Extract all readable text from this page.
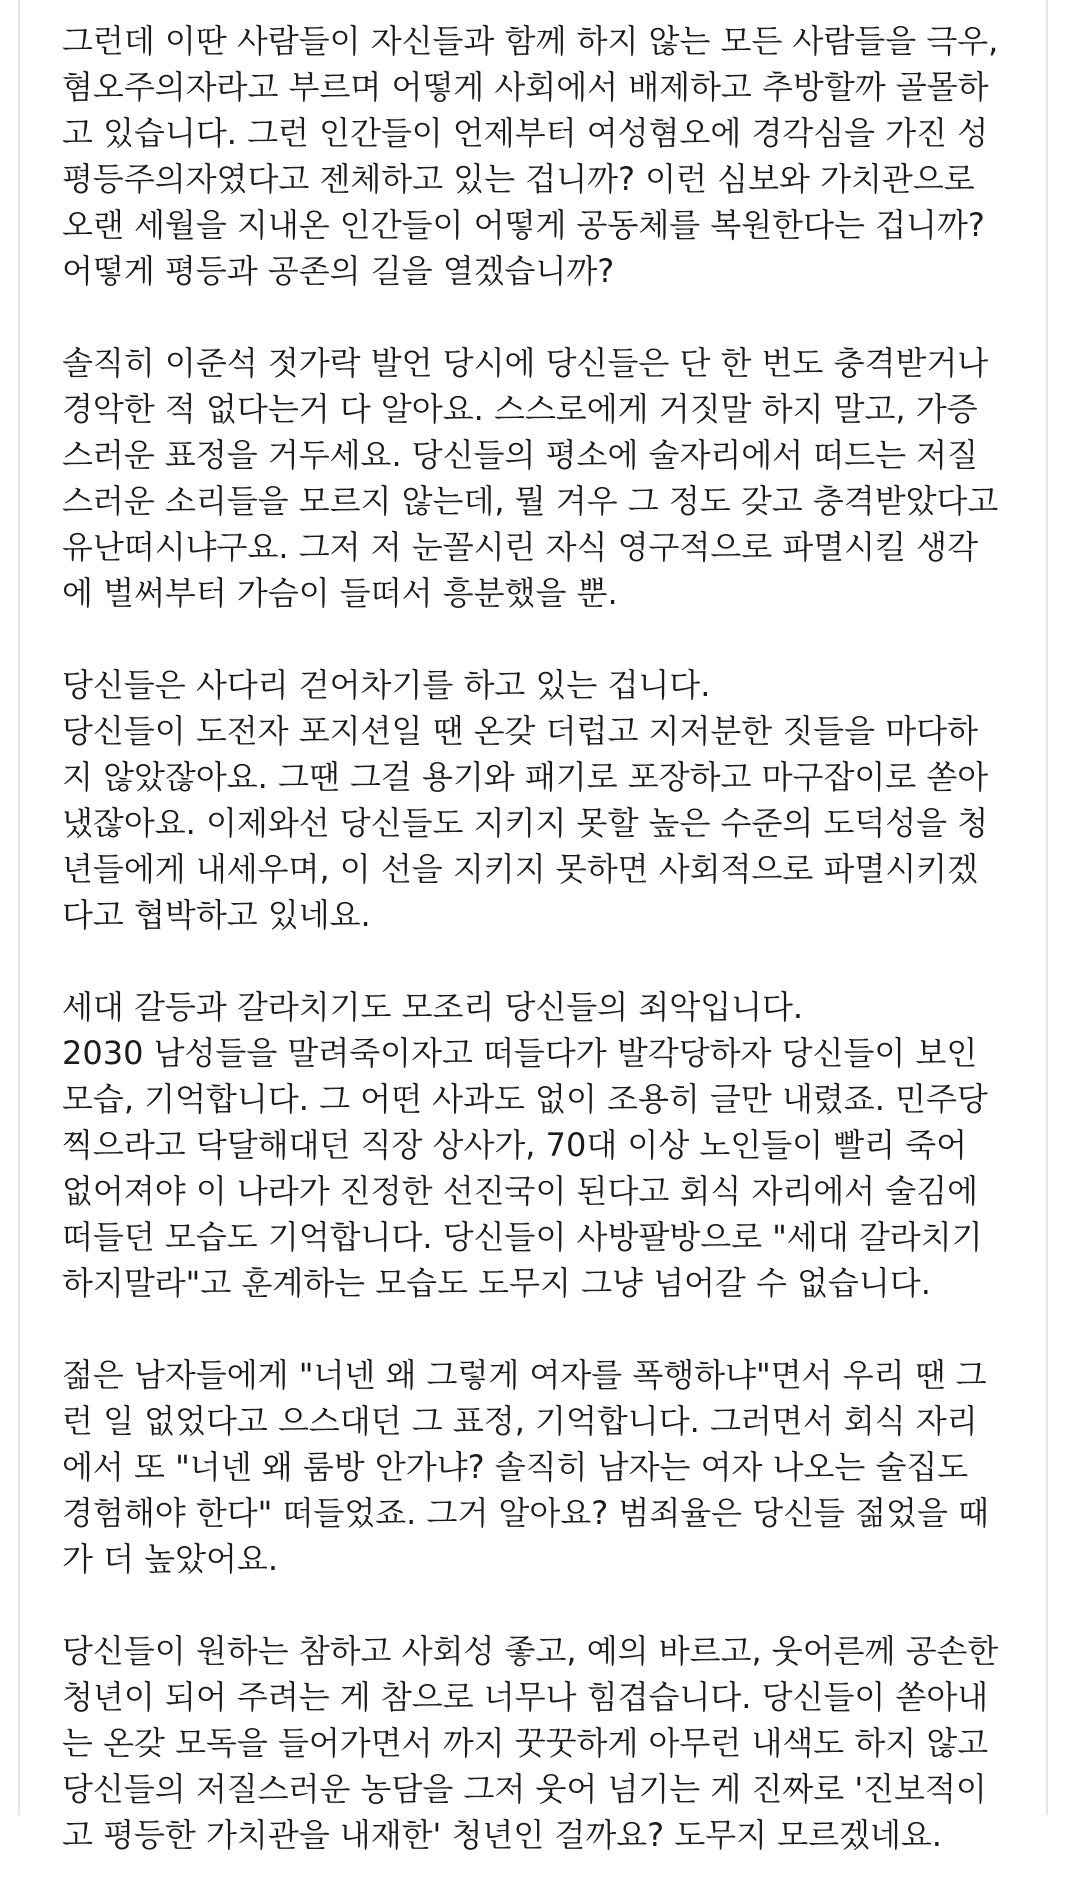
그런데 이딴 사람들이 자신들과 함께 하지 않는 모든 사람들을 극우,
혐오주의자라고 부르며 어떻게 사회에서 배제하고 추방할까 골몰하
고 있습니다. 그런 인간들이 언제부터 여성혐오에 경각심을 가진 성
평등주의자였다고 젠체하고 있는 겁니까? 이런 심보와 가치관으로
오랜 세월을 지내온 인간들이 어떻게 공동체를 복원한다는 겁니까?
어떻게 평등과 공존의 길을 열겠습니까?
솔직히 이준석 젓가락 발언 당시에 당신들은 단 한 번도 충격받거나
경악한 적 없다는거 다 알아요. 스스로에게 거짓말 하지 말고, 가증
스러운 표정을 거두세요. 당신들의 평소에 술자리에서 떠드는 저질
스러운 소리들을 모르지 않는데, 뭘 겨우 그 정도 갖고 충격받았다고
유난떠시냐구요. 그저 저 눈꼴시린 자식 영구적으로 파멸시킬 생각
에 벌써부터 가슴이 들떠서 흥분했을 뿐.
당신들은 사다리 걷어차기를 하고 있는 겁니다.
당신들이 도전자 포지션일 땐 온갖 더럽고 지저분한 짓들을 마다하
지 않았잖아요. 그땐 그걸 용기와 패기로 포장하고 마구잡이로 쏟아
냈잖아요. 이제와선 당신들도 지키지 못할 높은 수준의 도덕성을 청
년들에게 내세우며, 이 선을 지키지 못하면 사회적으로 파멸시키겠
다고 협박하고 있네요.
세대 갈등과 갈라치기도 모조리 당신들의 죄악입니다.
2030 남성들을 말려죽이자고 떠들다가 발각당하자 당신들이 보인
모습, 기억합니다. 그 어떤 사과도 없이 조용히 글만 내렸죠. 민주당
찍으라고 닥달해대던 직장 상사가, 70대 이상 노인들이 빨리 죽어
없어져야 이 나라가 진정한 선진국이 된다고 회식 자리에서 술김에
떠들던 모습도 기억합니다. 당신들이 사방팔방으로 "세대 갈라치기
하지말라"고 훈계하는 모습도 도무지 그냥 넘어갈 수 없습니다.
젊은 남자들에게 "너넨 왜 그렇게 여자를 폭행하냐"면서 우리 땐 그
런 일 없었다고 으스대던 그 표정, 기억합니다. 그러면서 회식 자리
에서 또 "너넨 왜 룸방 안가냐? 솔직히 남자는 여자 나오는 술집도
경험해야 한다" 떠들었죠. 그거 알아요? 범죄율은 당신들 젊었을 때
가 더 높았어요.
당신들이 원하는 참하고 사회성 좋고, 예의 바르고, 웃어른께 공손한
청년이 되어 주려는 게 참으로 너무나 힘겹습니다. 당신들이 쏟아내
는 온갖 모독을 들어가면서 까지 꿋꿋하게 아무런 내색도 하지 않고
당신들의 저질스러운 농담을 그저 웃어 넘기는 게 진짜로 '진보적이
고 평등한 가치관을 내재한' 청년인 걸까요? 도무지 모르겠네요.
